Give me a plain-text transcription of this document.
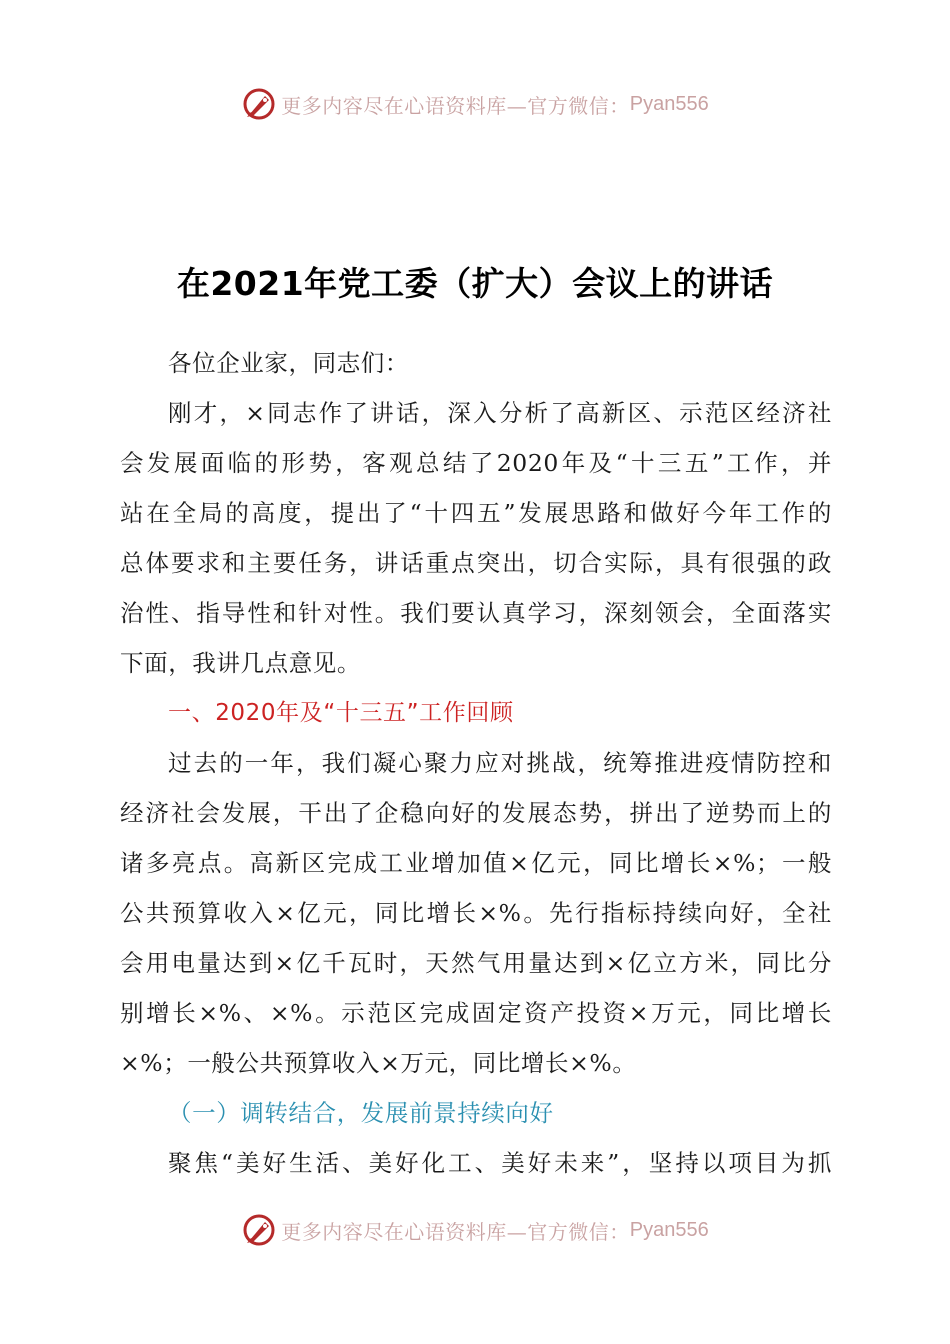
更多内容尽在心语资料库—官方微信： Pyan556
在2021年党工委（扩大）会议上的讲话

各位企业家，同志们：

刚才，×同志作了讲话，深入分析了高新区、示范区经济社

会发展面临的形势，客观总结了2020年及“十三五”工作，并

站在全局的高度，提出了“十四五”发展思路和做好今年工作的

总体要求和主要任务，讲话重点突出，切合实际，具有很强的政

治性、指导性和针对性。我们要认真学习，深刻领会，全面落实

下面，我讲几点意见。

一、2020年及“十三五”工作回顾

过去的一年，我们凝心聚力应对挑战，统筹推进疫情防控和

经济社会发展，干出了企稳向好的发展态势，拼出了逆势而上的

诸多亮点。高新区完成工业增加值×亿元，同比增长×%；一般

公共预算收入×亿元，同比增长×%。先行指标持续向好，全社

会用电量达到×亿千瓦时，天然气用量达到×亿立方米，同比分

别增长×%、×%。示范区完成固定资产投资×万元，同比增长

×%；一般公共预算收入×万元，同比增长×%。

（一）调转结合，发展前景持续向好

聚焦“美好生活、美好化工、美好未来”，坚持以项目为抓

更多内容尽在心语资料库—官方微信： Pyan556
